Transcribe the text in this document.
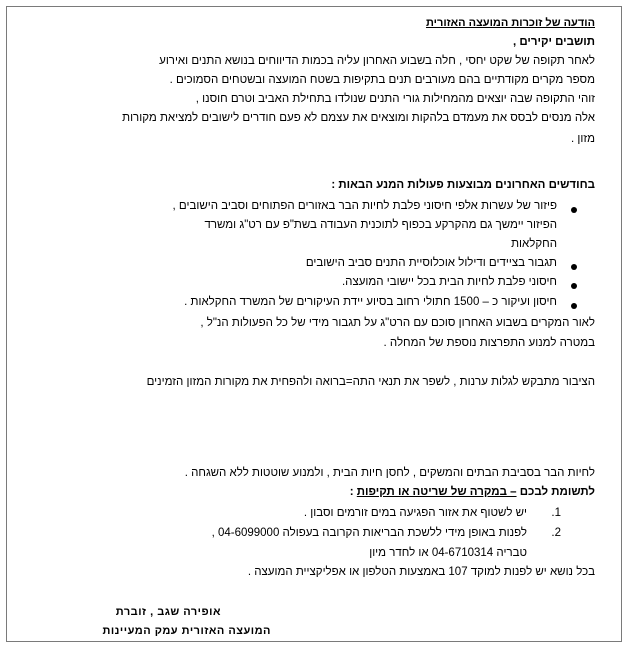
הודעה של זוכרות המועצה האזורית
תושבים יקירים ,
לאחר תקופה של שקט יחסי , חלה בשבוע האחרון עליה בכמות הדיווחים בנושא התנים ואירוע
מספר מקרים מקודתיים בהם מעורבים תנים בתקיפות בשטח המועצה ובשטחים הסמוכים .
זוהי התקופה שבה יוצאים מהמחילות גורי התנים שנולדו בתחילת האביב וטרם חוסנו ,
אלה מנסים לבסס את מעמדם בלהקות ומוצאים את עצמם לא פעם חודרים לישובים למציאת מקורות
מזון .
בחודשים האחרונים מבוצעות פעולות המנע הבאות :
פיזור של עשרות אלפי חיסוני פלבת לחיות הבר באזורים הפתוחים וסביב הישובים ,
הפיזור יימשך גם מהקרקע בכפוף לתוכנית העבודה בשת"פ עם רט"ג ומשרד
החקלאות
תגבור בציידים ודילול אוכלוסיית התנים סביב הישובים
חיסוני פלבת לחיות הבית בכל יישובי המועצה.
חיסון ועיקור כ – 1500 חתולי רחוב בסיוע יידת העיקורים של המשרד החקלאות .
לאור המקרים בשבוע האחרון סוכם עם הרט"ג על תגבור מידי של כל הפעולות הנ"ל ,
במטרה למנוע התפרצות נוספת של המחלה .
הציבור מתבקש לגלות ערנות , לשפר את תנאי התה=ברואה ולהפחית את מקורות המזון הזמינים
לחיות הבר בסביבת הבתים והמשקים , לחסן חיות הבית , ולמנוע שוטטות ללא השגחה .
לתשומת לבכם – במקרה של שריטה או תקיפות :
1.
יש לשטוף את אזור הפגיעה במים זורמים וסבון .
2.
לפנות באופן מידי ללשכת הבריאות הקרובה בעפולה 04-6099000 ,
טבריה 04-6710314 או לחדר מיון
בכל נושא יש לפנות למוקד 107 באמצעות הטלפון או אפליקציית המועצה .
אופירה שגב , זוברת
המועצה האזורית עמק המעיינות
